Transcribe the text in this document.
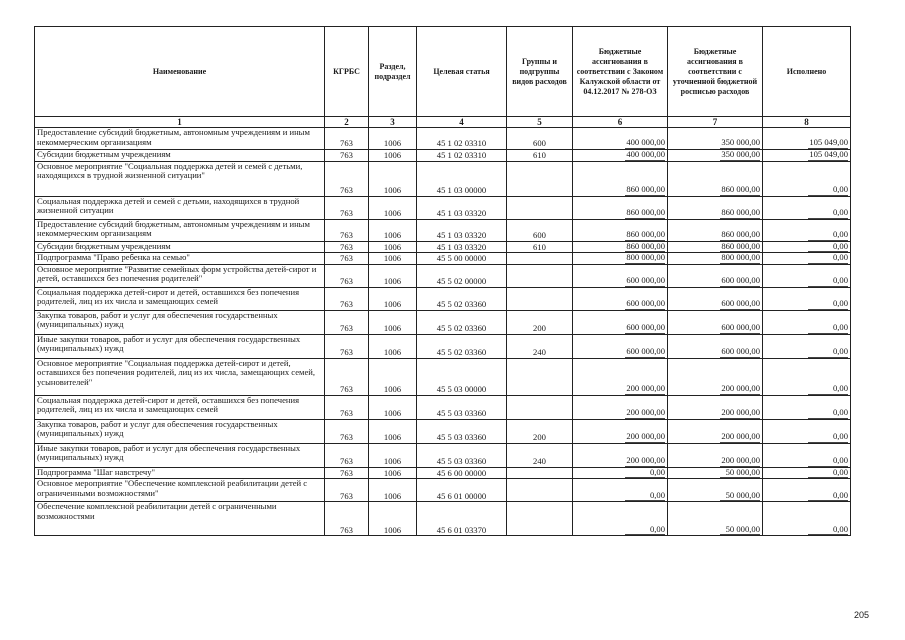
Наименование	КГРБС	Раздел, подраздел	Целевая статья	Группы и подгруппы видов расходов	Бюджетные ассигнования в соответствии с Законом Калужской области от 04.12.2017 № 278-ОЗ	Бюджетные ассигнования в соответствии с уточненной бюджетной росписью расходов	Исполнено
1	2	3	4	5	6	7	8
Предоставление субсидий бюджетным, автономным учреждениям и иным некоммерческим организациям	763	1006	45 1 02 03310	600	400 000,00	350 000,00	105 049,00
Субсидии бюджетным учреждениям	763	1006	45 1 02 03310	610	400 000,00	350 000,00	105 049,00
Основное мероприятие "Социальная поддержка детей и семей с детьми, находящихся в трудной жизненной ситуации"	763	1006	45 1 03 00000		860 000,00	860 000,00	0,00
Социальная поддержка детей и семей с детьми, находящихся в трудной жизненной ситуации	763	1006	45 1 03 03320		860 000,00	860 000,00	0,00
Предоставление субсидий бюджетным, автономным учреждениям и иным некоммерческим организациям	763	1006	45 1 03 03320	600	860 000,00	860 000,00	0,00
Субсидии бюджетным учреждениям	763	1006	45 1 03 03320	610	860 000,00	860 000,00	0,00
Подпрограмма "Право ребенка на семью"	763	1006	45 5 00 00000		800 000,00	800 000,00	0,00
Основное мероприятие "Развитие семейных форм устройства детей-сирот и детей, оставшихся без попечения родителей"	763	1006	45 5 02 00000		600 000,00	600 000,00	0,00
Социальная поддержка детей-сирот и детей, оставшихся без попечения родителей, лиц из их числа и замещающих семей	763	1006	45 5 02 03360		600 000,00	600 000,00	0,00
Закупка товаров, работ и услуг для обеспечения государственных (муниципальных) нужд	763	1006	45 5 02 03360	200	600 000,00	600 000,00	0,00
Иные закупки товаров, работ и услуг для обеспечения государственных (муниципальных) нужд	763	1006	45 5 02 03360	240	600 000,00	600 000,00	0,00
Основное мероприятие "Социальная поддержка детей-сирот и детей, оставшихся без попечения родителей, лиц из их числа, замещающих семей, усыновителей"	763	1006	45 5 03 00000		200 000,00	200 000,00	0,00
Социальная поддержка детей-сирот и детей, оставшихся без попечения родителей, лиц из их числа и замещающих семей	763	1006	45 5 03 03360		200 000,00	200 000,00	0,00
Закупка товаров, работ и услуг для обеспечения государственных (муниципальных) нужд	763	1006	45 5 03 03360	200	200 000,00	200 000,00	0,00
Иные закупки товаров, работ и услуг для обеспечения государственных (муниципальных) нужд	763	1006	45 5 03 03360	240	200 000,00	200 000,00	0,00
Подпрограмма "Шаг навстречу"	763	1006	45 6 00 00000		0,00	50 000,00	0,00
Основное мероприятие "Обеспечение комплексной реабилитации детей с ограниченными возможностями"	763	1006	45 6 01 00000		0,00	50 000,00	0,00
Обеспечение комплексной реабилитации детей с ограниченными возможностями	763	1006	45 6 01 03370		0,00	50 000,00	0,00
205
